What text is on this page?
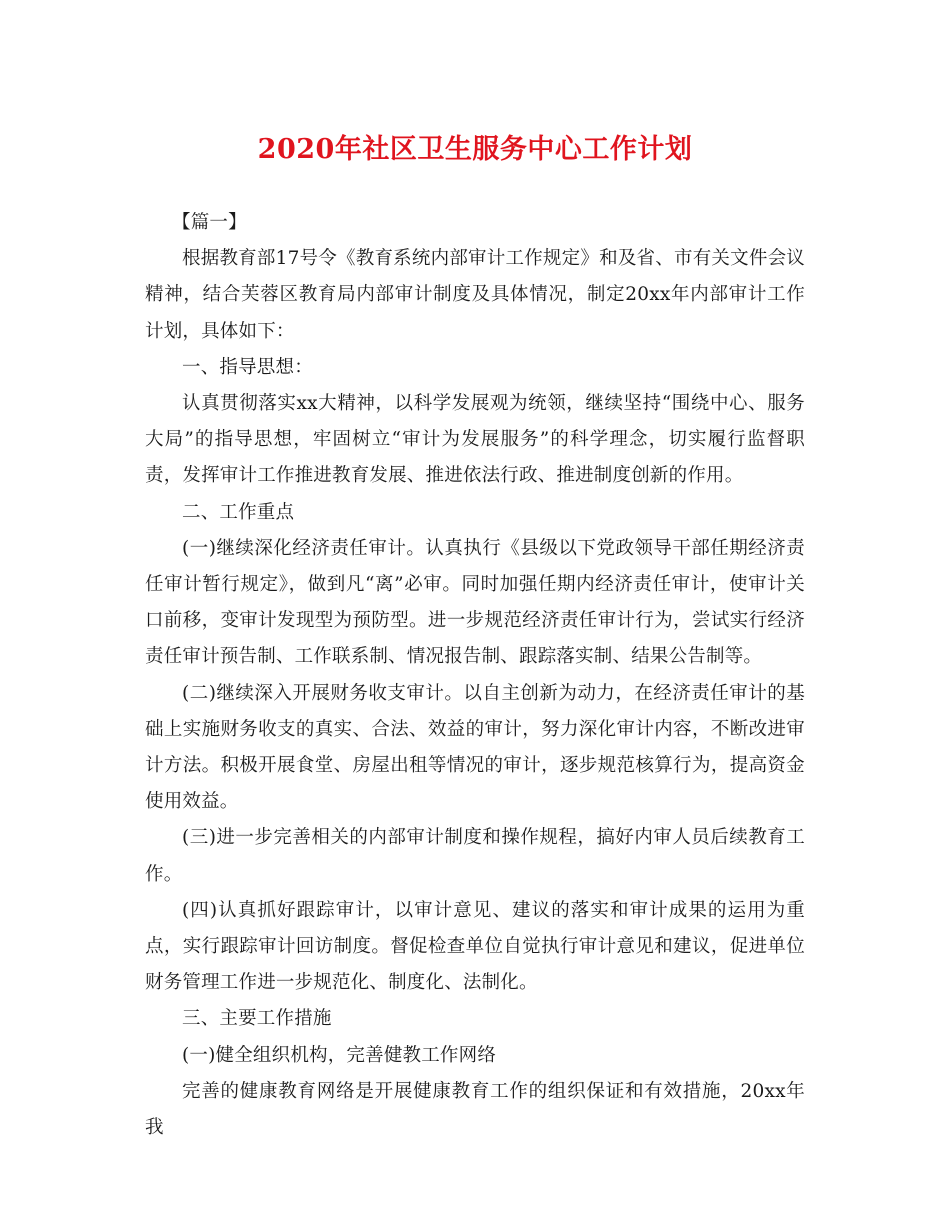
2020年社区卫生服务中心工作计划

【篇一】

根据教育部17号令《教育系统内部审计工作规定》和及省、市有关文件会议精神，结合芙蓉区教育局内部审计制度及具体情况，制定20xx年内部审计工作计划，具体如下：

一、指导思想：

认真贯彻落实xx大精神，以科学发展观为统领，继续坚持“围绕中心、服务大局”的指导思想，牢固树立“审计为发展服务”的科学理念，切实履行监督职责，发挥审计工作推进教育发展、推进依法行政、推进制度创新的作用。

二、工作重点

(一)继续深化经济责任审计。认真执行《县级以下党政领导干部任期经济责任审计暂行规定》，做到凡“离”必审。同时加强任期内经济责任审计，使审计关口前移，变审计发现型为预防型。进一步规范经济责任审计行为，尝试实行经济责任审计预告制、工作联系制、情况报告制、跟踪落实制、结果公告制等。

(二)继续深入开展财务收支审计。以自主创新为动力，在经济责任审计的基础上实施财务收支的真实、合法、效益的审计，努力深化审计内容，不断改进审计方法。积极开展食堂、房屋出租等情况的审计，逐步规范核算行为，提高资金使用效益。

(三)进一步完善相关的内部审计制度和操作规程，搞好内审人员后续教育工作。

(四)认真抓好跟踪审计，以审计意见、建议的落实和审计成果的运用为重点，实行跟踪审计回访制度。督促检查单位自觉执行审计意见和建议，促进单位财务管理工作进一步规范化、制度化、法制化。

三、主要工作措施

(一)健全组织机构，完善健教工作网络

完善的健康教育网络是开展健康教育工作的组织保证和有效措施，20xx年我
